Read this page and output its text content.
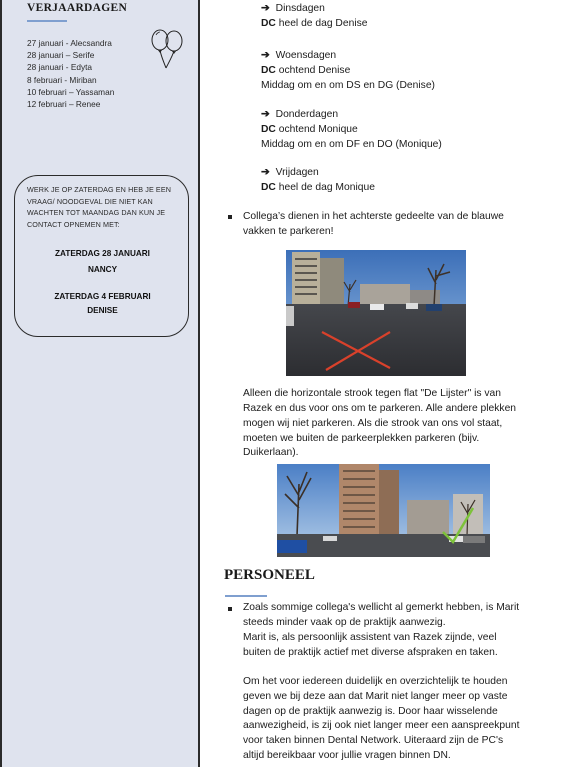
VERJAARDAGEN
27 januari - Alecsandra
28 januari – Serife
28 januari - Edyta
8 februari - Miriban
10 februari – Yassaman
12 februari – Renee
WERK JE OP ZATERDAG EN HEB JE EEN VRAAG/ NOODGEVAL DIE NIET KAN WACHTEN TOT MAANDAG DAN KUN JE CONTACT OPNEMEN MET:
ZATERDAG 28 JANUARI
NANCY
ZATERDAG 4 FEBRUARI
DENISE
➔ Dinsdagen
DC heel de dag Denise
➔ Woensdagen
DC ochtend Denise
Middag om en om DS en DG (Denise)
➔ Donderdagen
DC ochtend Monique
Middag om en om DF en DO (Monique)
➔ Vrijdagen
DC heel de dag Monique
Collega’s dienen in het achterste gedeelte van de blauwe
vakken te parkeren!
Alleen die horizontale strook tegen flat "De Lijster" is van
Razek en dus voor ons om te parkeren. Alle andere plekken
mogen wij niet parkeren. Als die strook van ons vol staat,
moeten we buiten de parkeerplekken parkeren (bijv.
Duikerlaan).
PERSONEEL
Zoals sommige collega's wellicht al gemerkt hebben, is Marit
steeds minder vaak op de praktijk aanwezig.
Marit is, als persoonlijk assistent van Razek zijnde, veel
buiten de praktijk actief met diverse afspraken en taken.
Om het voor iedereen duidelijk en overzichtelijk te houden
geven we bij deze aan dat Marit niet langer meer op vaste
dagen op de praktijk aanwezig is. Door haar wisselende
aanwezigheid, is zij ook niet langer meer een aanspreekpunt
voor taken binnen Dental Network. Uiteraard zijn de PC's
altijd bereikbaar voor jullie vragen binnen DN.
